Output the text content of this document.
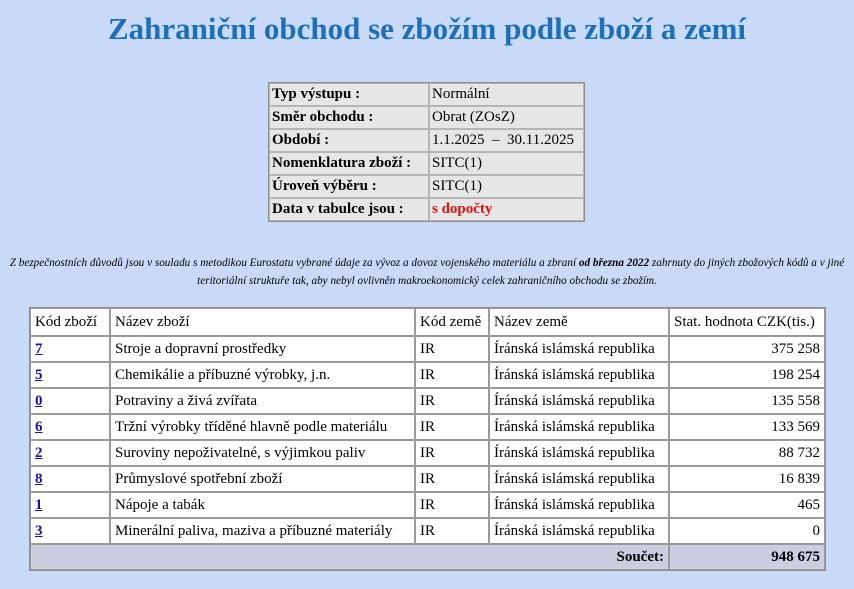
Zahraniční obchod se zbožím podle zboží a zemí
Typ výstupu :	Normální
Směr obchodu :	Obrat (ZOsZ)
Období :	1.1.2025  –  30.11.2025
Nomenklatura zboží :	SITC(1)
Úroveň výběru :	SITC(1)
Data v tabulce jsou :	s dopočty

Z bezpečnostních důvodů jsou v souladu s metodikou Eurostatu vybrané údaje za vývoz a dovoz vojenského materiálu a zbraní od března 2022 zahrnuty do jiných zbožových kódů a v jiné teritoriální struktuře tak, aby nebyl ovlivněn makroekonomický celek zahraničního obchodu se zbožím.

Kód zboží	Název zboží	Kód země	Název země	Stat. hodnota CZK(tis.)
7	Stroje a dopravní prostředky	IR	Íránská islámská republika	375 258
5	Chemikálie a příbuzné výrobky, j.n.	IR	Íránská islámská republika	198 254
0	Potraviny a živá zvířata	IR	Íránská islámská republika	135 558
6	Tržní výrobky tříděné hlavně podle materiálu	IR	Íránská islámská republika	133 569
2	Suroviny nepoživatelné, s výjimkou paliv	IR	Íránská islámská republika	88 732
8	Průmyslové spotřební zboží	IR	Íránská islámská republika	16 839
1	Nápoje a tabák	IR	Íránská islámská republika	465
3	Minerální paliva, maziva a příbuzné materiály	IR	Íránská islámská republika	0
Součet:				948 675
